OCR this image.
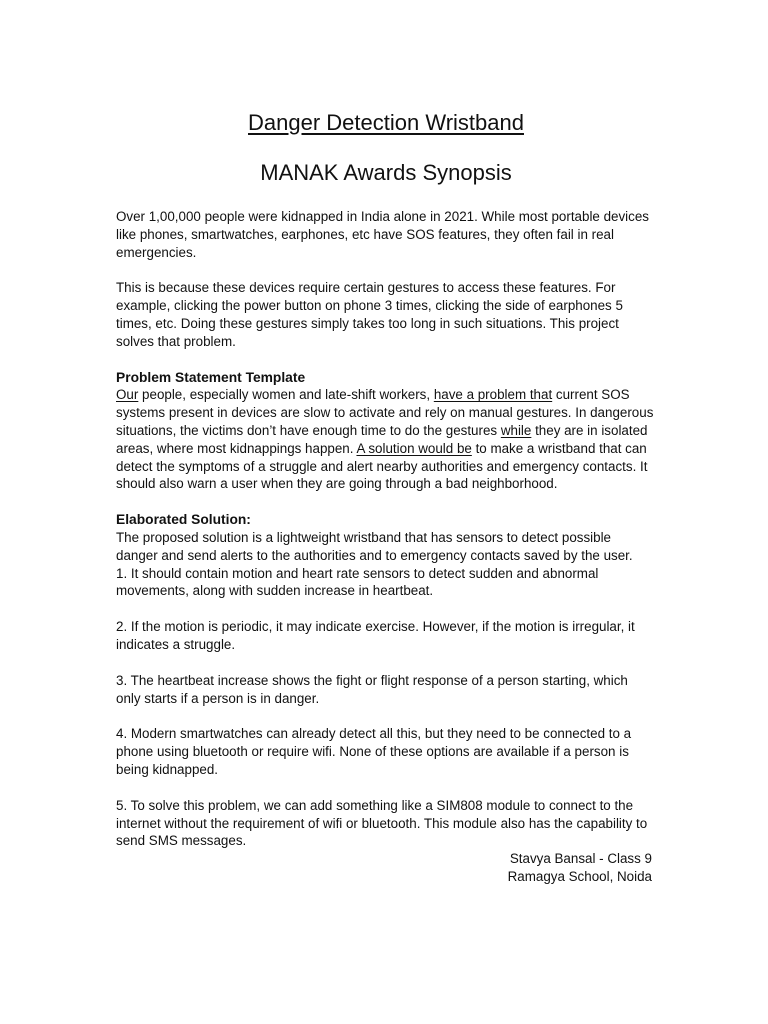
Danger Detection Wristband
MANAK Awards Synopsis

Over 1,00,000 people were kidnapped in India alone in 2021. While most portable devices like phones, smartwatches, earphones, etc have SOS features, they often fail in real emergencies.

This is because these devices require certain gestures to access these features. For example, clicking the power button on phone 3 times, clicking the side of earphones 5 times, etc. Doing these gestures simply takes too long in such situations. This project solves that problem.

Problem Statement Template

Our people, especially women and late-shift workers, have a problem that current SOS systems present in devices are slow to activate and rely on manual gestures. In dangerous situations, the victims don’t have enough time to do the gestures while they are in isolated areas, where most kidnappings happen. A solution would be to make a wristband that can detect the symptoms of a struggle and alert nearby authorities and emergency contacts. It should also warn a user when they are going through a bad neighborhood.

Elaborated Solution:

The proposed solution is a lightweight wristband that has sensors to detect possible danger and send alerts to the authorities and to emergency contacts saved by the user.

1. It should contain motion and heart rate sensors to detect sudden and abnormal movements, along with sudden increase in heartbeat.

2. If the motion is periodic, it may indicate exercise. However, if the motion is irregular, it indicates a struggle.

3. The heartbeat increase shows the fight or flight response of a person starting, which only starts if a person is in danger.

4. Modern smartwatches can already detect all this, but they need to be connected to a phone using bluetooth or require wifi. None of these options are available if a person is being kidnapped.

5. To solve this problem, we can add something like a SIM808 module to connect to the internet without the requirement of wifi or bluetooth. This module also has the capability to send SMS messages.

Stavya Bansal - Class 9

Ramagya School, Noida
